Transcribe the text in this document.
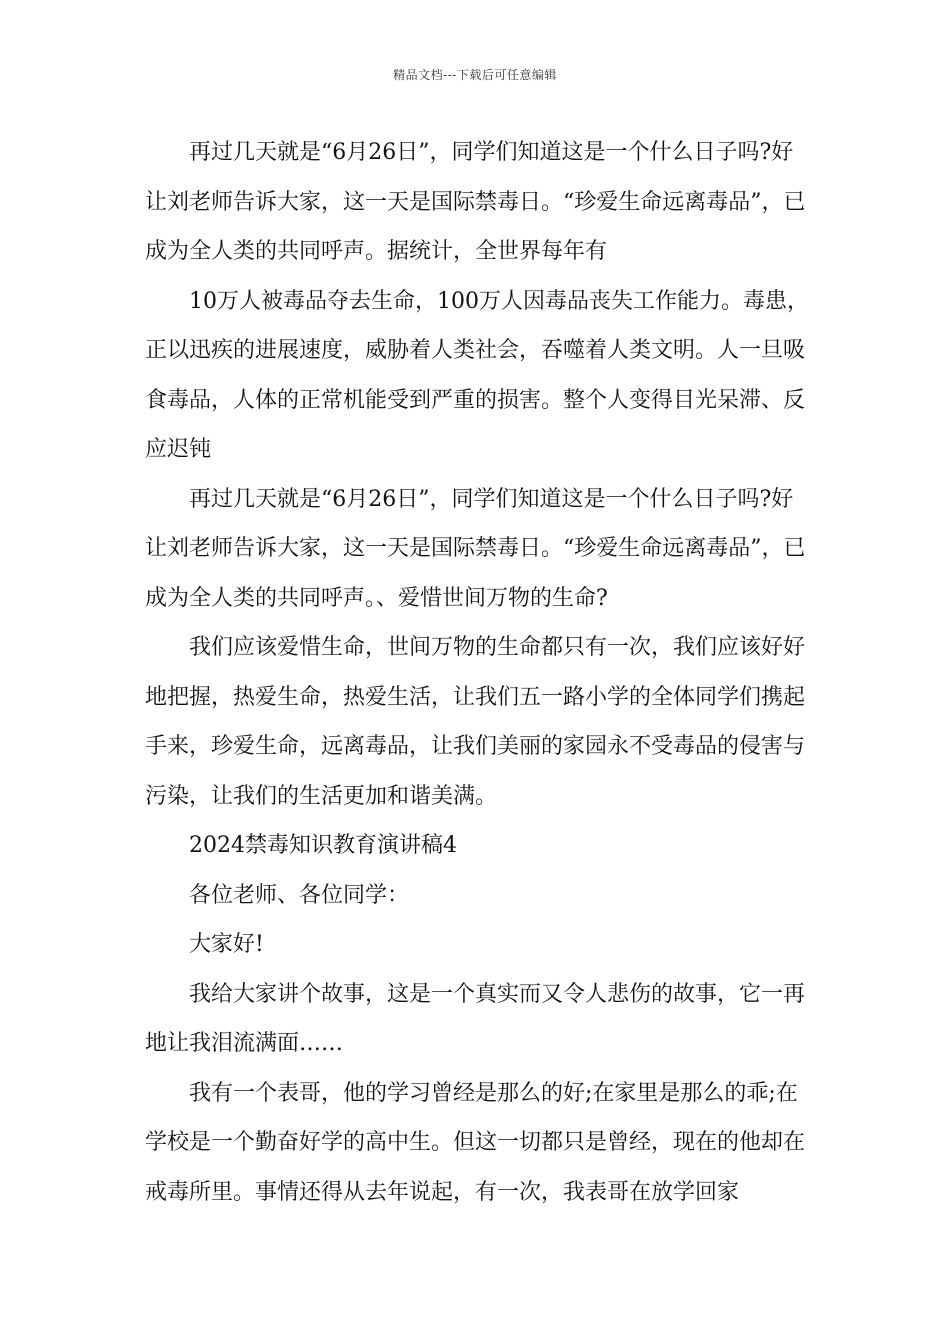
精品文档---下载后可任意编辑

再过几天就是“6月26日”，同学们知道这是一个什么日子吗?好让刘老师告诉大家，这一天是国际禁毒日。“珍爱生命远离毒品”，已成为全人类的共同呼声。据统计，全世界每年有

10万人被毒品夺去生命，100万人因毒品丧失工作能力。毒患，正以迅疾的进展速度，威胁着人类社会，吞噬着人类文明。人一旦吸食毒品，人体的正常机能受到严重的损害。整个人变得目光呆滞、反应迟钝

再过几天就是“6月26日”，同学们知道这是一个什么日子吗?好让刘老师告诉大家，这一天是国际禁毒日。“珍爱生命远离毒品”，已成为全人类的共同呼声。、爱惜世间万物的生命?

我们应该爱惜生命，世间万物的生命都只有一次，我们应该好好地把握，热爱生命，热爱生活，让我们五一路小学的全体同学们携起手来，珍爱生命，远离毒品，让我们美丽的家园永不受毒品的侵害与污染，让我们的生活更加和谐美满。

2024禁毒知识教育演讲稿4

各位老师、各位同学：

大家好!

我给大家讲个故事，这是一个真实而又令人悲伤的故事，它一再地让我泪流满面……

我有一个表哥，他的学习曾经是那么的好;在家里是那么的乖;在学校是一个勤奋好学的高中生。但这一切都只是曾经，现在的他却在戒毒所里。事情还得从去年说起，有一次，我表哥在放学回家
